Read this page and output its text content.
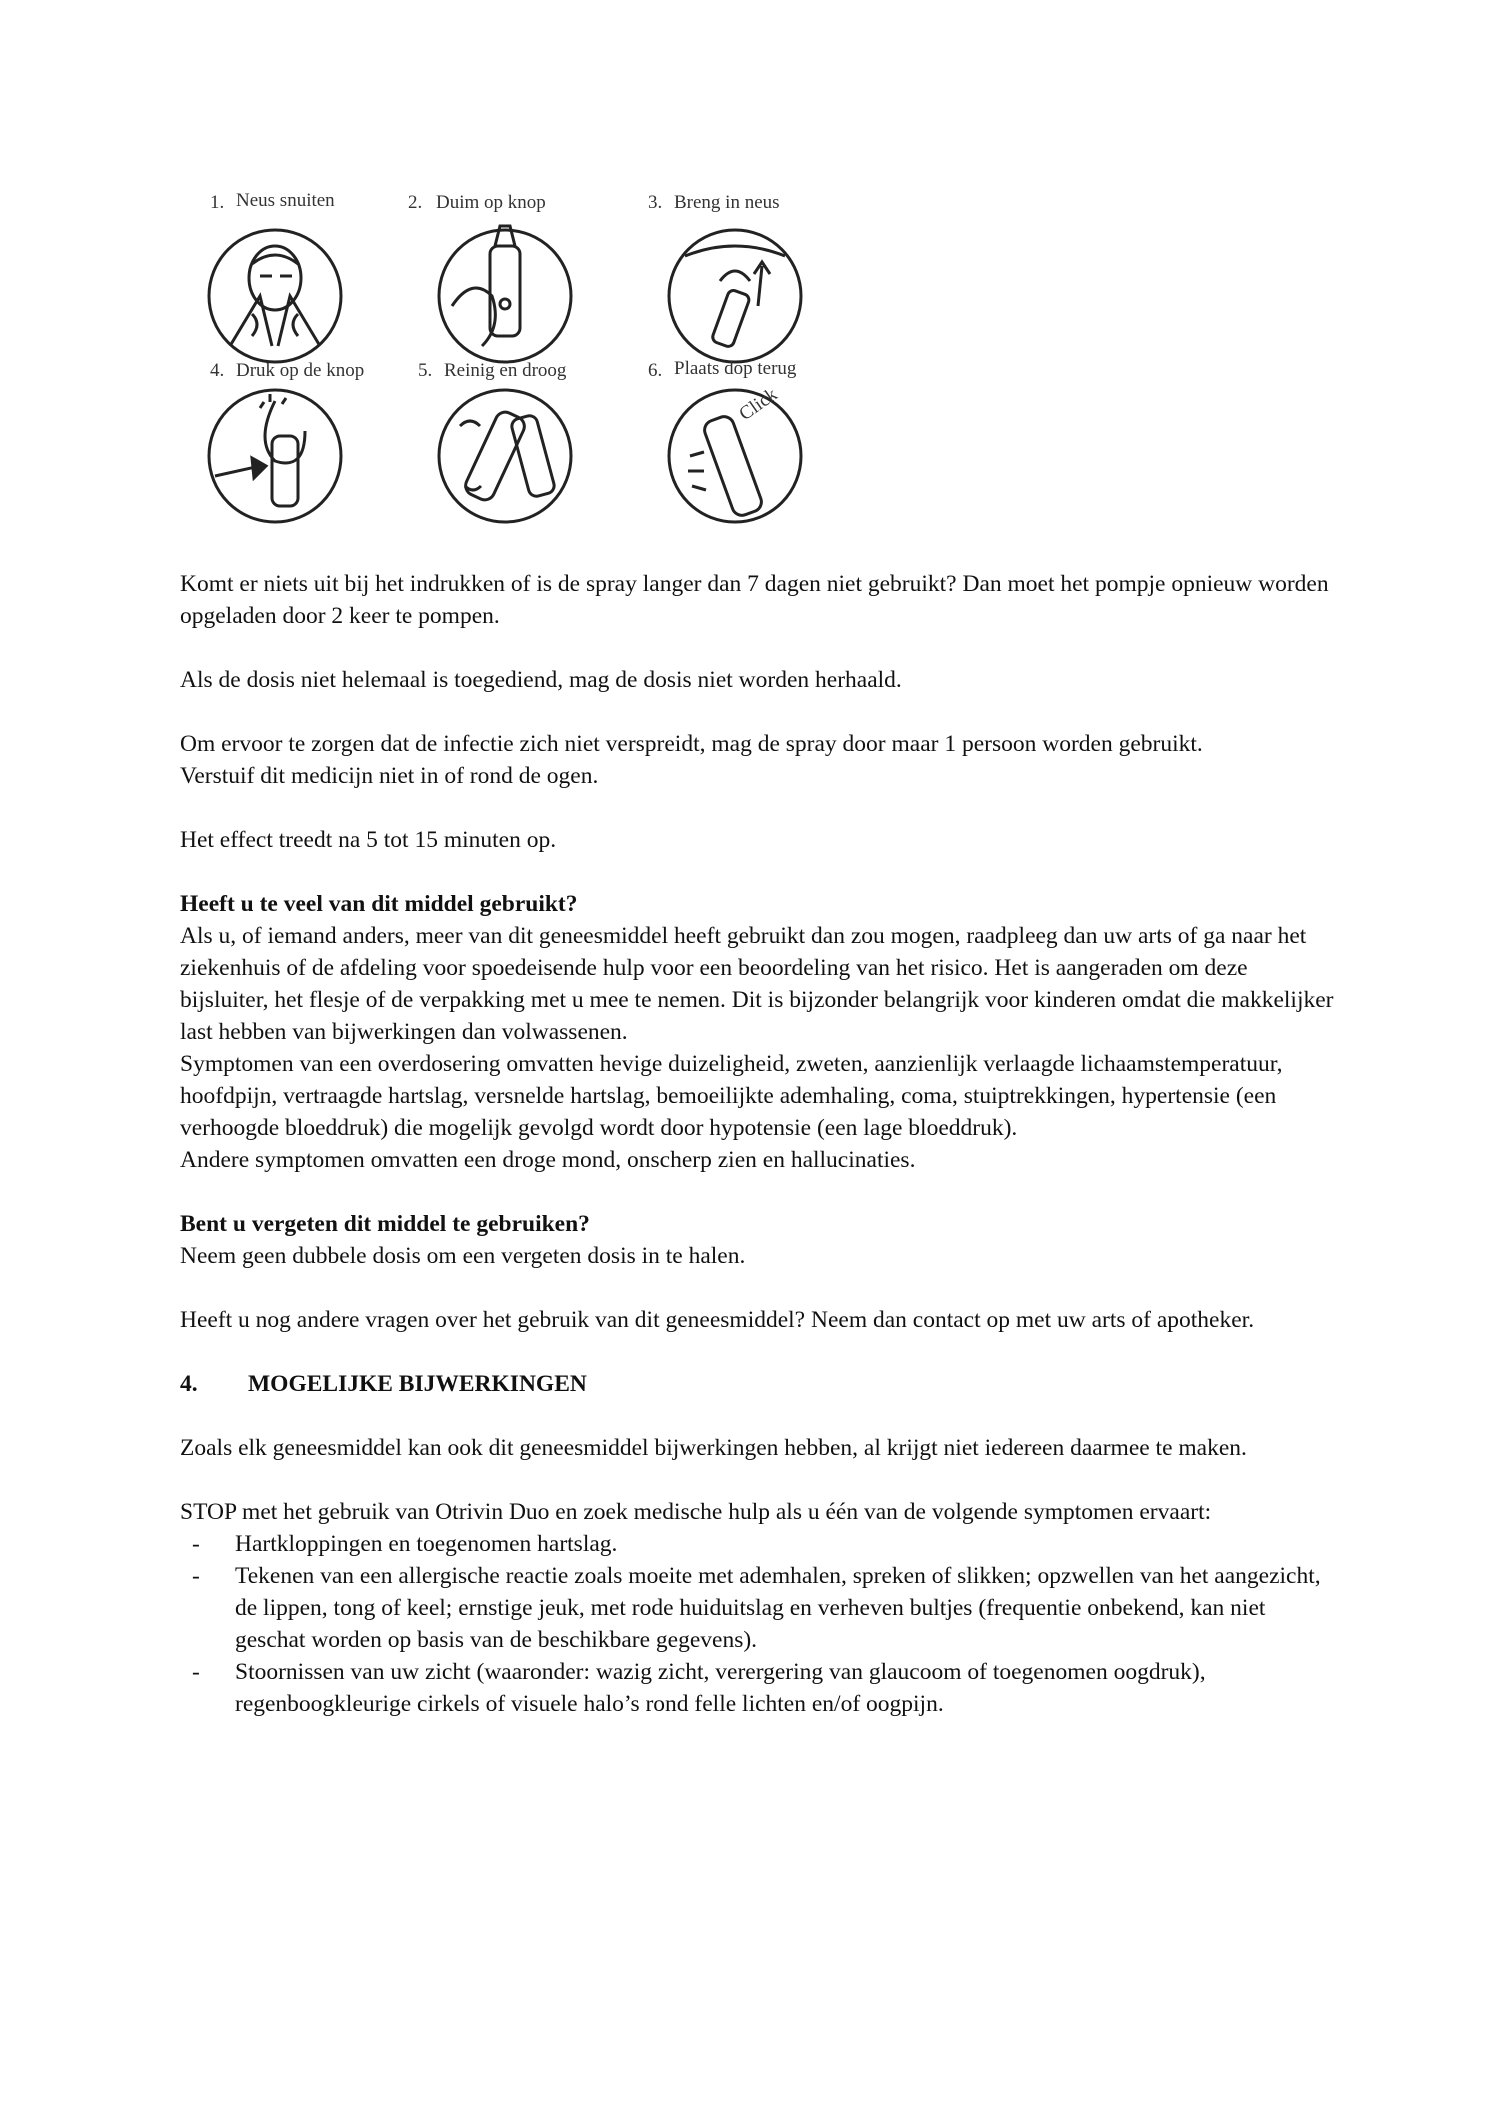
1. Neus snuiten	2. Duim op knop	3. Breng in neus
4. Druk op de knop	5. Reinig en droog	6. Plaats dop terug
Click

Komt er niets uit bij het indrukken of is de spray langer dan 7 dagen niet gebruikt? Dan moet het pompje opnieuw worden opgeladen door 2 keer te pompen.

Als de dosis niet helemaal is toegediend, mag de dosis niet worden herhaald.

Om ervoor te zorgen dat de infectie zich niet verspreidt, mag de spray door maar 1 persoon worden gebruikt.

Verstuif dit medicijn niet in of rond de ogen.

Het effect treedt na 5 tot 15 minuten op.

Heeft u te veel van dit middel gebruikt?

Als u, of iemand anders, meer van dit geneesmiddel heeft gebruikt dan zou mogen, raadpleeg dan uw arts of ga naar het ziekenhuis of de afdeling voor spoedeisende hulp voor een beoordeling van het risico. Het is aangeraden om deze bijsluiter, het flesje of de verpakking met u mee te nemen. Dit is bijzonder belangrijk voor kinderen omdat die makkelijker last hebben van bijwerkingen dan volwassenen.

Symptomen van een overdosering omvatten hevige duizeligheid, zweten, aanzienlijk verlaagde lichaamstemperatuur, hoofdpijn, vertraagde hartslag, versnelde hartslag, bemoeilijkte ademhaling, coma, stuiptrekkingen, hypertensie (een verhoogde bloeddruk) die mogelijk gevolgd wordt door hypotensie (een lage bloeddruk).

Andere symptomen omvatten een droge mond, onscherp zien en hallucinaties.

Bent u vergeten dit middel te gebruiken?

Neem geen dubbele dosis om een vergeten dosis in te halen.

Heeft u nog andere vragen over het gebruik van dit geneesmiddel? Neem dan contact op met uw arts of apotheker.

4.	MOGELIJKE BIJWERKINGEN

Zoals elk geneesmiddel kan ook dit geneesmiddel bijwerkingen hebben, al krijgt niet iedereen daarmee te maken.

STOP met het gebruik van Otrivin Duo en zoek medische hulp als u één van de volgende symptomen ervaart:

- Hartkloppingen en toegenomen hartslag.
- Tekenen van een allergische reactie zoals moeite met ademhalen, spreken of slikken; opzwellen van het aangezicht, de lippen, tong of keel; ernstige jeuk, met rode huiduitslag en verheven bultjes (frequentie onbekend, kan niet geschat worden op basis van de beschikbare gegevens).
- Stoornissen van uw zicht (waaronder: wazig zicht, verergering van glaucoom of toegenomen oogdruk), regenboogkleurige cirkels of visuele halo’s rond felle lichten en/of oogpijn.
